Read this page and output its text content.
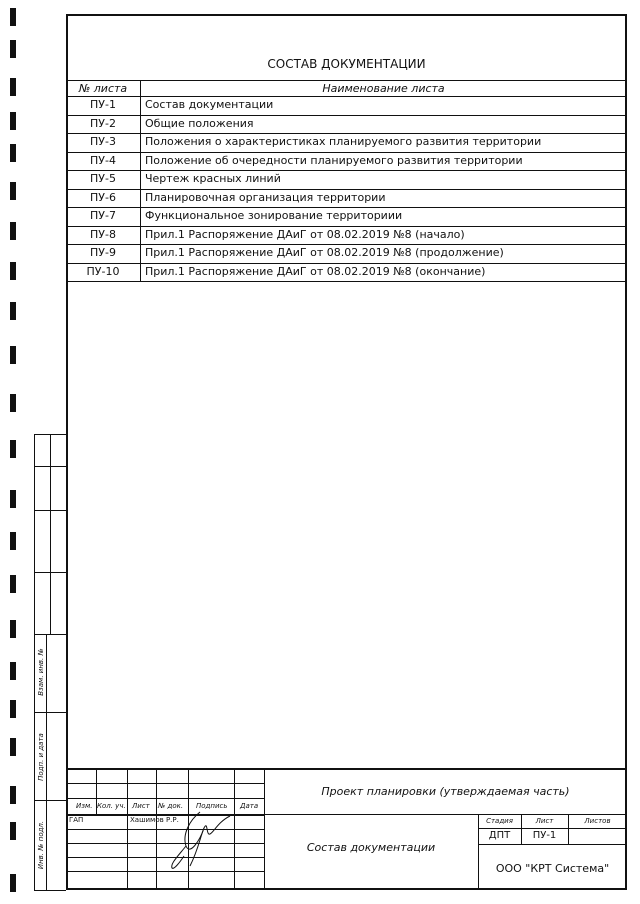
СОСТАВ ДОКУМЕНТАЦИИ
№ листа	Наименование листа
ПУ-1	Состав документации
ПУ-2	Общие положения
ПУ-3	Положения о характеристиках планируемого развития территории
ПУ-4	Положение об очередности планируемого развития территории
ПУ-5	Чертеж красных линий
ПУ-6	Планировочная организация территории
ПУ-7	Функциональное зонирование территориии
ПУ-8	Прил.1 Распоряжение ДАиГ от 08.02.2019 №8 (начало)
ПУ-9	Прил.1 Распоряжение ДАиГ от 08.02.2019 №8 (продолжение)
ПУ-10	Прил.1 Распоряжение ДАиГ от 08.02.2019 №8 (окончание)
Взам. инв. №
Подп. и дата
Инв. № подл.
Изм. Кол. уч. Лист № док. Подпись Дата
ГАП	Хашимов Р.Р.
Проект планировки (утверждаемая часть)
Состав документации
Стадия	Лист	Листов
ДПТ	ПУ-1
ООО "КРТ Система"
